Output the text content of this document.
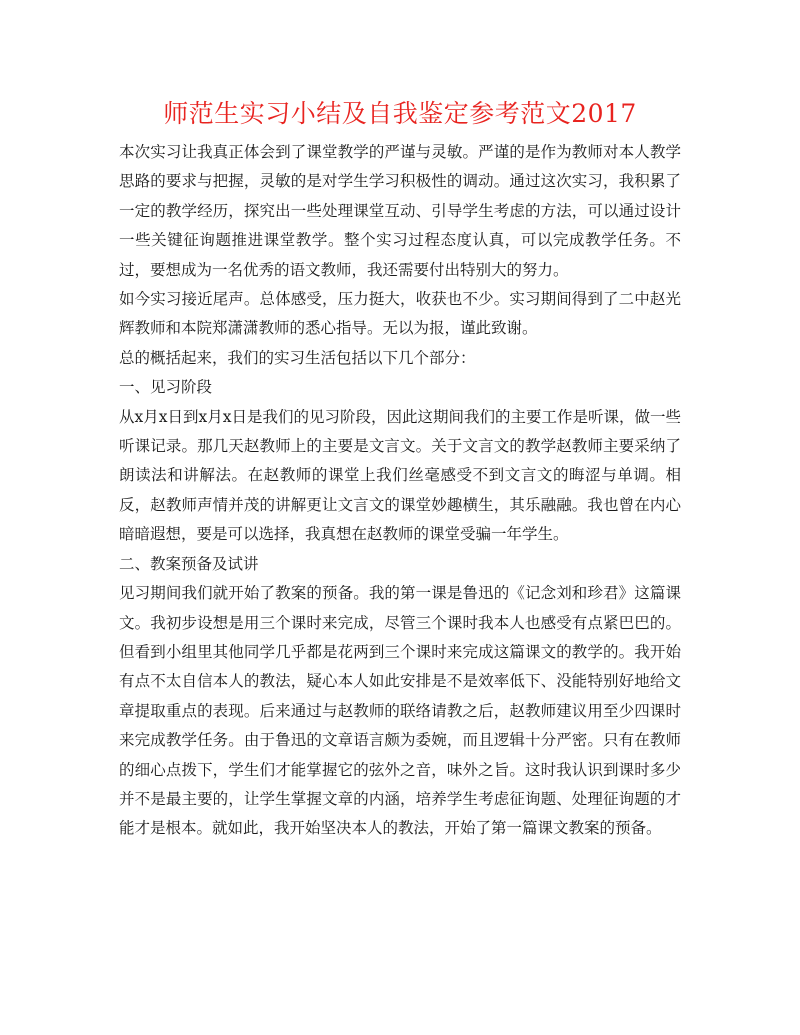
师范生实习小结及自我鉴定参考范文2017

本次实习让我真正体会到了课堂教学的严谨与灵敏。严谨的是作为教师对本人教学思路的要求与把握，灵敏的是对学生学习积极性的调动。通过这次实习，我积累了一定的教学经历，探究出一些处理课堂互动、引导学生考虑的方法，可以通过设计一些关键征询题推进课堂教学。整个实习过程态度认真，可以完成教学任务。不过，要想成为一名优秀的语文教师，我还需要付出特别大的努力。

如今实习接近尾声。总体感受，压力挺大，收获也不少。实习期间得到了二中赵光辉教师和本院郑潇潇教师的悉心指导。无以为报，谨此致谢。

总的概括起来，我们的实习生活包括以下几个部分：

一、见习阶段

从x月x日到x月x日是我们的见习阶段，因此这期间我们的主要工作是听课，做一些听课记录。那几天赵教师上的主要是文言文。关于文言文的教学赵教师主要采纳了朗读法和讲解法。在赵教师的课堂上我们丝毫感受不到文言文的晦涩与单调。相反，赵教师声情并茂的讲解更让文言文的课堂妙趣横生，其乐融融。我也曾在内心暗暗遐想，要是可以选择，我真想在赵教师的课堂受骗一年学生。

二、教案预备及试讲

见习期间我们就开始了教案的预备。我的第一课是鲁迅的《记念刘和珍君》这篇课文。我初步设想是用三个课时来完成，尽管三个课时我本人也感受有点紧巴巴的。但看到小组里其他同学几乎都是花两到三个课时来完成这篇课文的教学的。我开始有点不太自信本人的教法，疑心本人如此安排是不是效率低下、没能特别好地给文章提取重点的表现。后来通过与赵教师的联络请教之后，赵教师建议用至少四课时来完成教学任务。由于鲁迅的文章语言颇为委婉，而且逻辑十分严密。只有在教师的细心点拨下，学生们才能掌握它的弦外之音，味外之旨。这时我认识到课时多少并不是最主要的，让学生掌握文章的内涵，培养学生考虑征询题、处理征询题的才能才是根本。就如此，我开始坚决本人的教法，开始了第一篇课文教案的预备。
